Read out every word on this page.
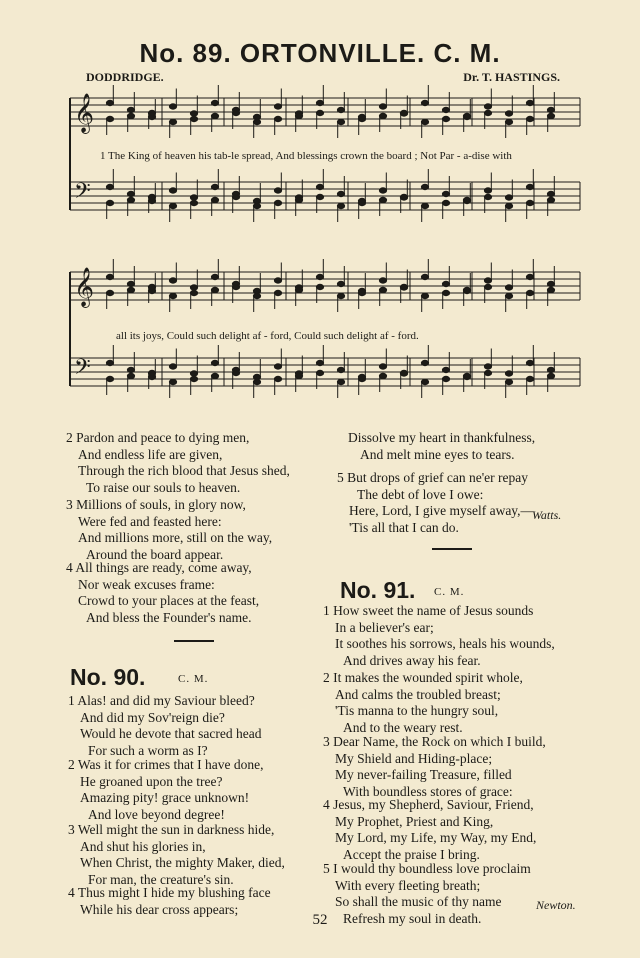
No. 89. ORTONVILLE. C. M.
DODDRIDGE.	Dr. T. HASTINGS.
𝄞
𝄢
𝄞
𝄢
1 The King of heaven his tab-le spread, And blessings crown the board ; Not Par - a-dise with
all its joys, Could such delight af - ford, Could such delight af - ford.
2 Pardon and peace to dying men,
And endless life are given,
Through the rich blood that Jesus shed,
To raise our souls to heaven.
3 Millions of souls, in glory now,
Were fed and feasted here:
And millions more, still on the way,
Around the board appear.
4 All things are ready, come away,
Nor weak excuses frame:
Crowd to your places at the feast,
And bless the Founder's name.
Dissolve my heart in thankfulness,
And melt mine eyes to tears.
5 But drops of grief can ne'er repay
The debt of love I owe:
Here, Lord, I give myself away,—
'Tis all that I can do.
Watts.
No. 90.	C. M.
1 Alas! and did my Saviour bleed?
And did my Sov'reign die?
Would he devote that sacred head
For such a worm as I?
2 Was it for crimes that I have done,
He groaned upon the tree?
Amazing pity! grace unknown!
And love beyond degree!
3 Well might the sun in darkness hide,
And shut his glories in,
When Christ, the mighty Maker, died,
For man, the creature's sin.
4 Thus might I hide my blushing face
While his dear cross appears;
No. 91. C. M.
1 How sweet the name of Jesus sounds
In a believer's ear;
It soothes his sorrows, heals his wounds,
And drives away his fear.
2 It makes the wounded spirit whole,
And calms the troubled breast;
'Tis manna to the hungry soul,
And to the weary rest.
3 Dear Name, the Rock on which I build,
My Shield and Hiding-place;
My never-failing Treasure, filled
With boundless stores of grace:
4 Jesus, my Shepherd, Saviour, Friend,
My Prophet, Priest and King,
My Lord, my Life, my Way, my End,
Accept the praise I bring.
5 I would thy boundless love proclaim
With every fleeting breath;
So shall the music of thy name
Refresh my soul in death.
Newton.
52
